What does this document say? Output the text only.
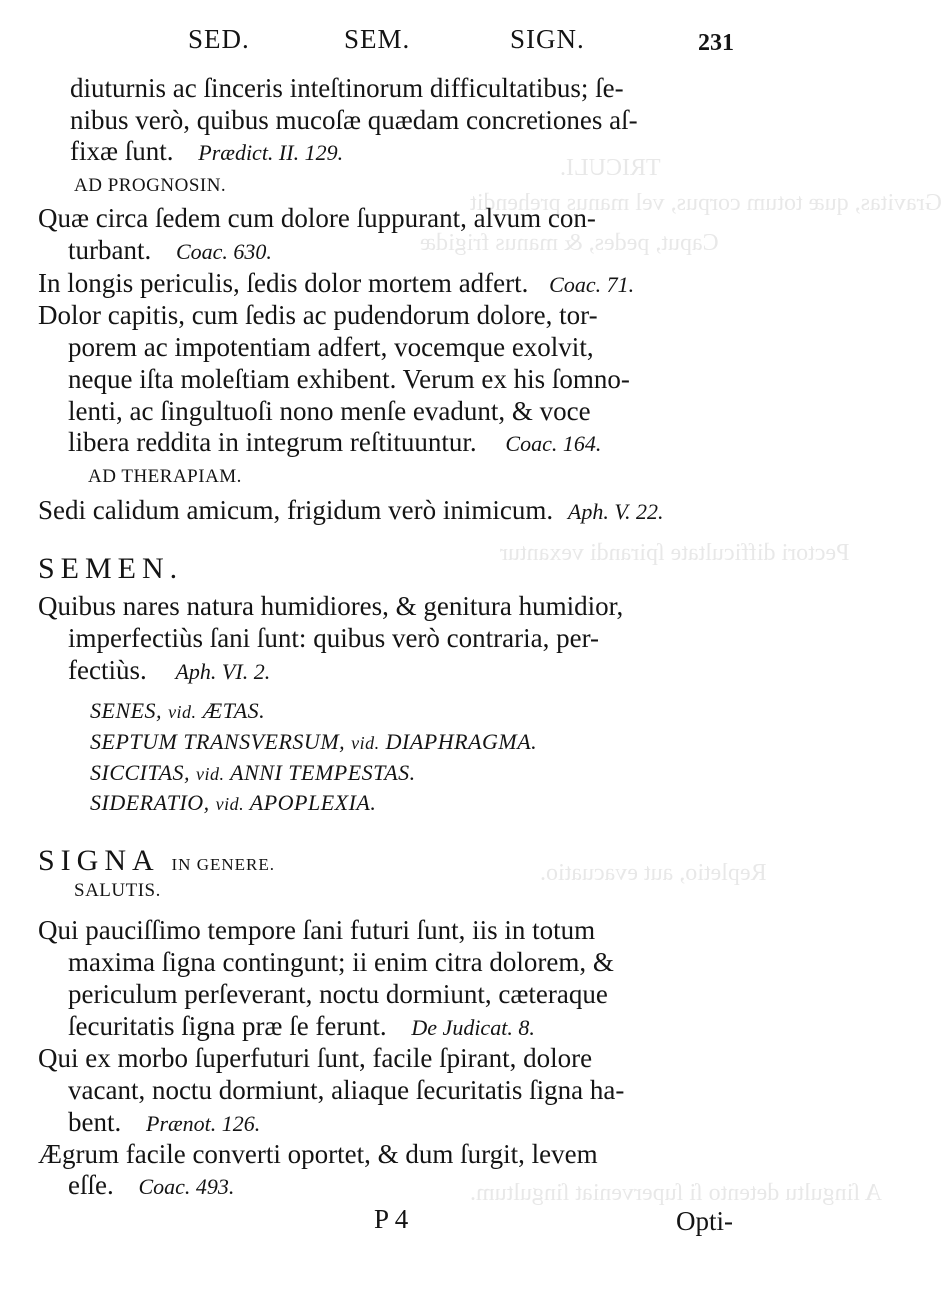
TRICULI.
Gravitas, quæ totum corpus, vel manus prehendit
Caput, pedes, & manus frigidæ
Pectori difficultate ſpirandi vexantur
Repletio, aut evacuatio.
A ſingultu detento ſi ſuperveniat ſingultum.
SED.	SEM.	SIGN.	231
diuturnis ac ſinceris inteſtinorum difficultatibus; ſe-
nibus verò, quibus mucoſæ quædam concretiones aſ-
fixæ ſunt. Prædict. II. 129.
AD PROGNOSIN.
Quæ circa ſedem cum dolore ſuppurant, alvum con-
turbant. Coac. 630.
In longis periculis, ſedis dolor mortem adfert. Coac. 71.
Dolor capitis, cum ſedis ac pudendorum dolore, tor-
porem ac impotentiam adfert, vocemque exolvit,
neque iſta moleſtiam exhibent. Verum ex his ſomno-
lenti, ac ſingultuoſi nono menſe evadunt, & voce
libera reddita in integrum reſtituuntur. Coac. 164.
AD THERAPIAM.
Sedi calidum amicum, frigidum verò inimicum. Aph. V. 22.
SEMEN.
Quibus nares natura humidiores, & genitura humidior,
imperfectiùs ſani ſunt: quibus verò contraria, per-
fectiùs. Aph. VI. 2.
SENES, vid. ÆTAS.
SEPTUM TRANSVERSUM, vid. DIAPHRAGMA.
SICCITAS, vid. ANNI TEMPESTAS.
SIDERATIO, vid. APOPLEXIA.
SIGNA IN GENERE.
SALUTIS.
Qui pauciſſimo tempore ſani futuri ſunt, iis in totum
maxima ſigna contingunt; ii enim citra dolorem, &
periculum perſeverant, noctu dormiunt, cæteraque
ſecuritatis ſigna præ ſe ferunt. De Judicat. 8.
Qui ex morbo ſuperfuturi ſunt, facile ſpirant, dolore
vacant, noctu dormiunt, aliaque ſecuritatis ſigna ha-
bent. Prænot. 126.
Ægrum facile converti oportet, & dum ſurgit, levem
eſſe. Coac. 493.
P 4	Opti-
